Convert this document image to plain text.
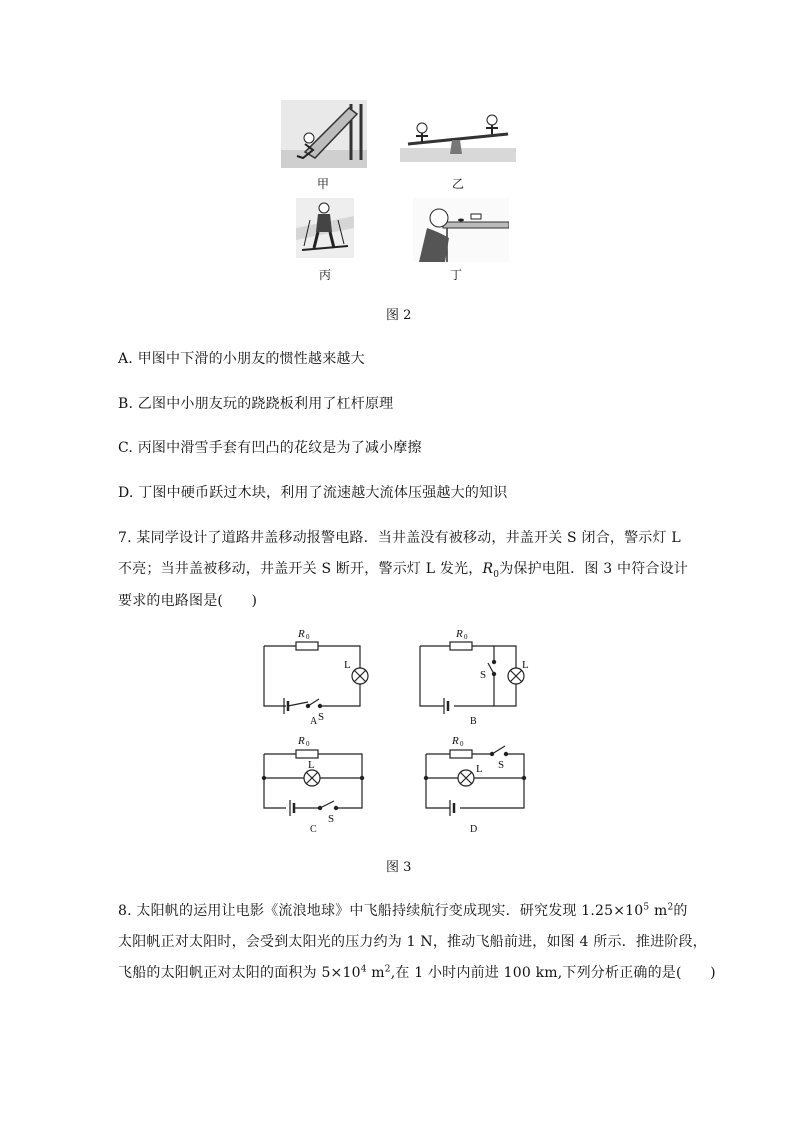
甲	乙
丙	丁
图 2
A. 甲图中下滑的小朋友的惯性越来越大
B. 乙图中小朋友玩的跷跷板利用了杠杆原理
C. 丙图中滑雪手套有凹凸的花纹是为了减小摩擦
D. 丁图中硬币跃过木块，利用了流速越大流体压强越大的知识
7. 某同学设计了道路井盖移动报警电路．当井盖没有被移动，井盖开关 S 闭合，警示灯 L
不亮；当井盖被移动，井盖开关 S 断开，警示灯 L 发光，$R_0$为保护电阻．图 3 中符合设计
要求的电路图是(　　)
R 0
L
S
A
R 0
L
S
B
R 0
L
S
C
R 0
L S
D
图 3
8. 太阳帆的运用让电影《流浪地球》中飞船持续航行变成现实．研究发现 $1.25\times 10^5$ $m^2$的
太阳帆正对太阳时，会受到太阳光的压力约为 1 N，推动飞船前进，如图 4 所示．推进阶段，
飞船的太阳帆正对太阳的面积为 $5\times 10^4$ $m^2$,在 1 小时内前进 100 km,下列分析正确的是(　　)
